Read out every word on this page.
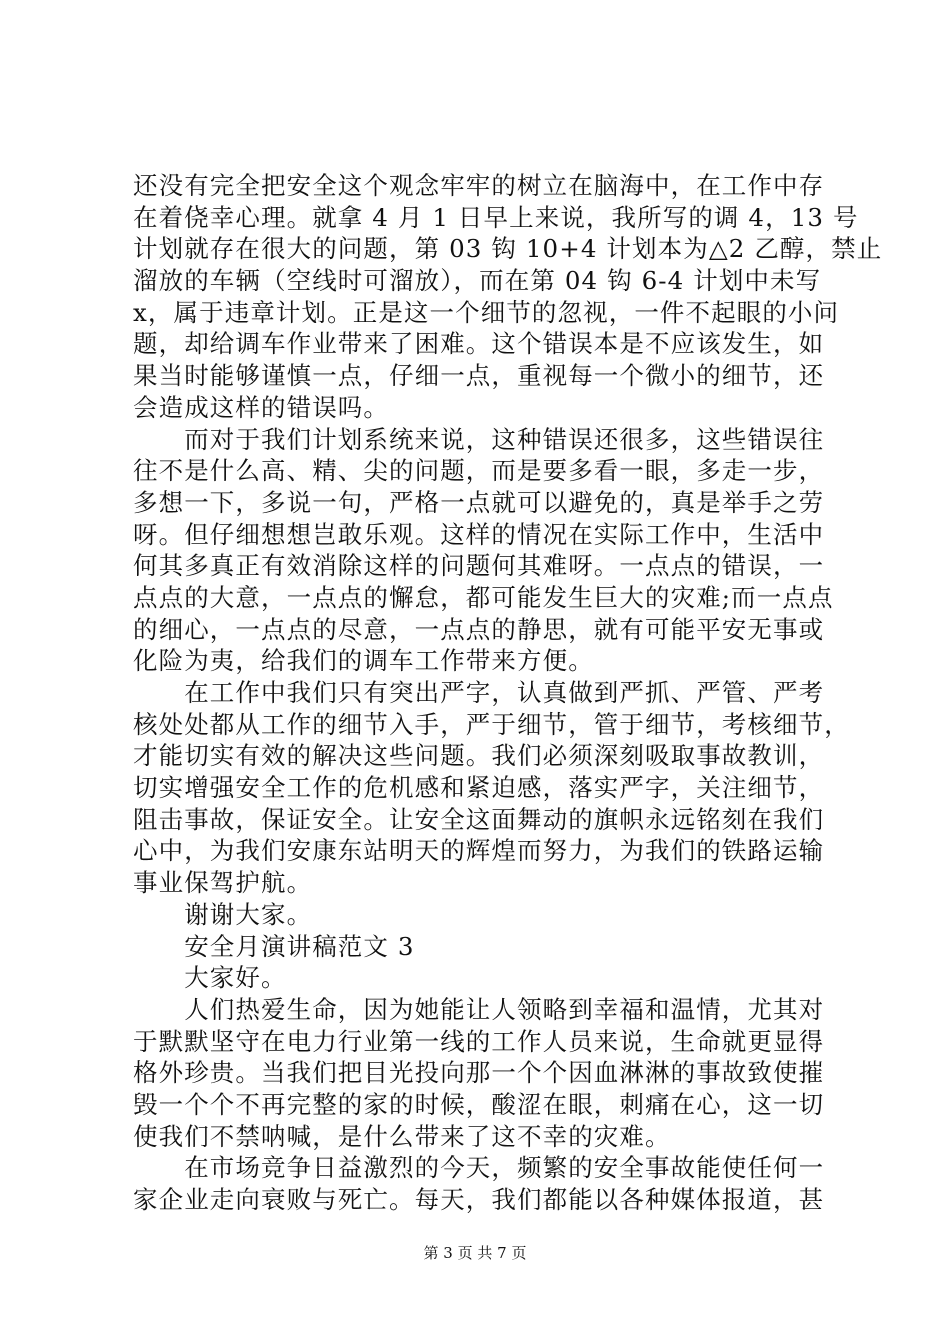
还没有完全把安全这个观念牢牢的树立在脑海中，在工作中存
在着侥幸心理。就拿 4 月 1 日早上来说，我所写的调 4，13 号
计划就存在很大的问题，第 03 钩 10+4 计划本为△2 乙醇，禁止
溜放的车辆（空线时可溜放），而在第 04 钩 6-4 计划中未写
x，属于违章计划。正是这一个细节的忽视，一件不起眼的小问
题，却给调车作业带来了困难。这个错误本是不应该发生，如
果当时能够谨慎一点，仔细一点，重视每一个微小的细节，还
会造成这样的错误吗。
　　而对于我们计划系统来说，这种错误还很多，这些错误往
往不是什么高、精、尖的问题，而是要多看一眼，多走一步，
多想一下，多说一句，严格一点就可以避免的，真是举手之劳
呀。但仔细想想岂敢乐观。这样的情况在实际工作中，生活中
何其多真正有效消除这样的问题何其难呀。一点点的错误，一
点点的大意，一点点的懈怠，都可能发生巨大的灾难;而一点点
的细心，一点点的尽意，一点点的静思，就有可能平安无事或
化险为夷，给我们的调车工作带来方便。
　　在工作中我们只有突出严字，认真做到严抓、严管、严考
核处处都从工作的细节入手，严于细节，管于细节，考核细节，
才能切实有效的解决这些问题。我们必须深刻吸取事故教训，
切实增强安全工作的危机感和紧迫感，落实严字，关注细节，
阻击事故，保证安全。让安全这面舞动的旗帜永远铭刻在我们
心中，为我们安康东站明天的辉煌而努力，为我们的铁路运输
事业保驾护航。
　　谢谢大家。
　　安全月演讲稿范文 3
　　大家好。
　　人们热爱生命，因为她能让人领略到幸福和温情，尤其对
于默默坚守在电力行业第一线的工作人员来说，生命就更显得
格外珍贵。当我们把目光投向那一个个因血淋淋的事故致使摧
毁一个个不再完整的家的时候，酸涩在眼，刺痛在心，这一切
使我们不禁呐喊，是什么带来了这不幸的灾难。
　　在市场竞争日益激烈的今天，频繁的安全事故能使任何一
家企业走向衰败与死亡。每天，我们都能以各种媒体报道，甚
第 3 页 共 7 页
